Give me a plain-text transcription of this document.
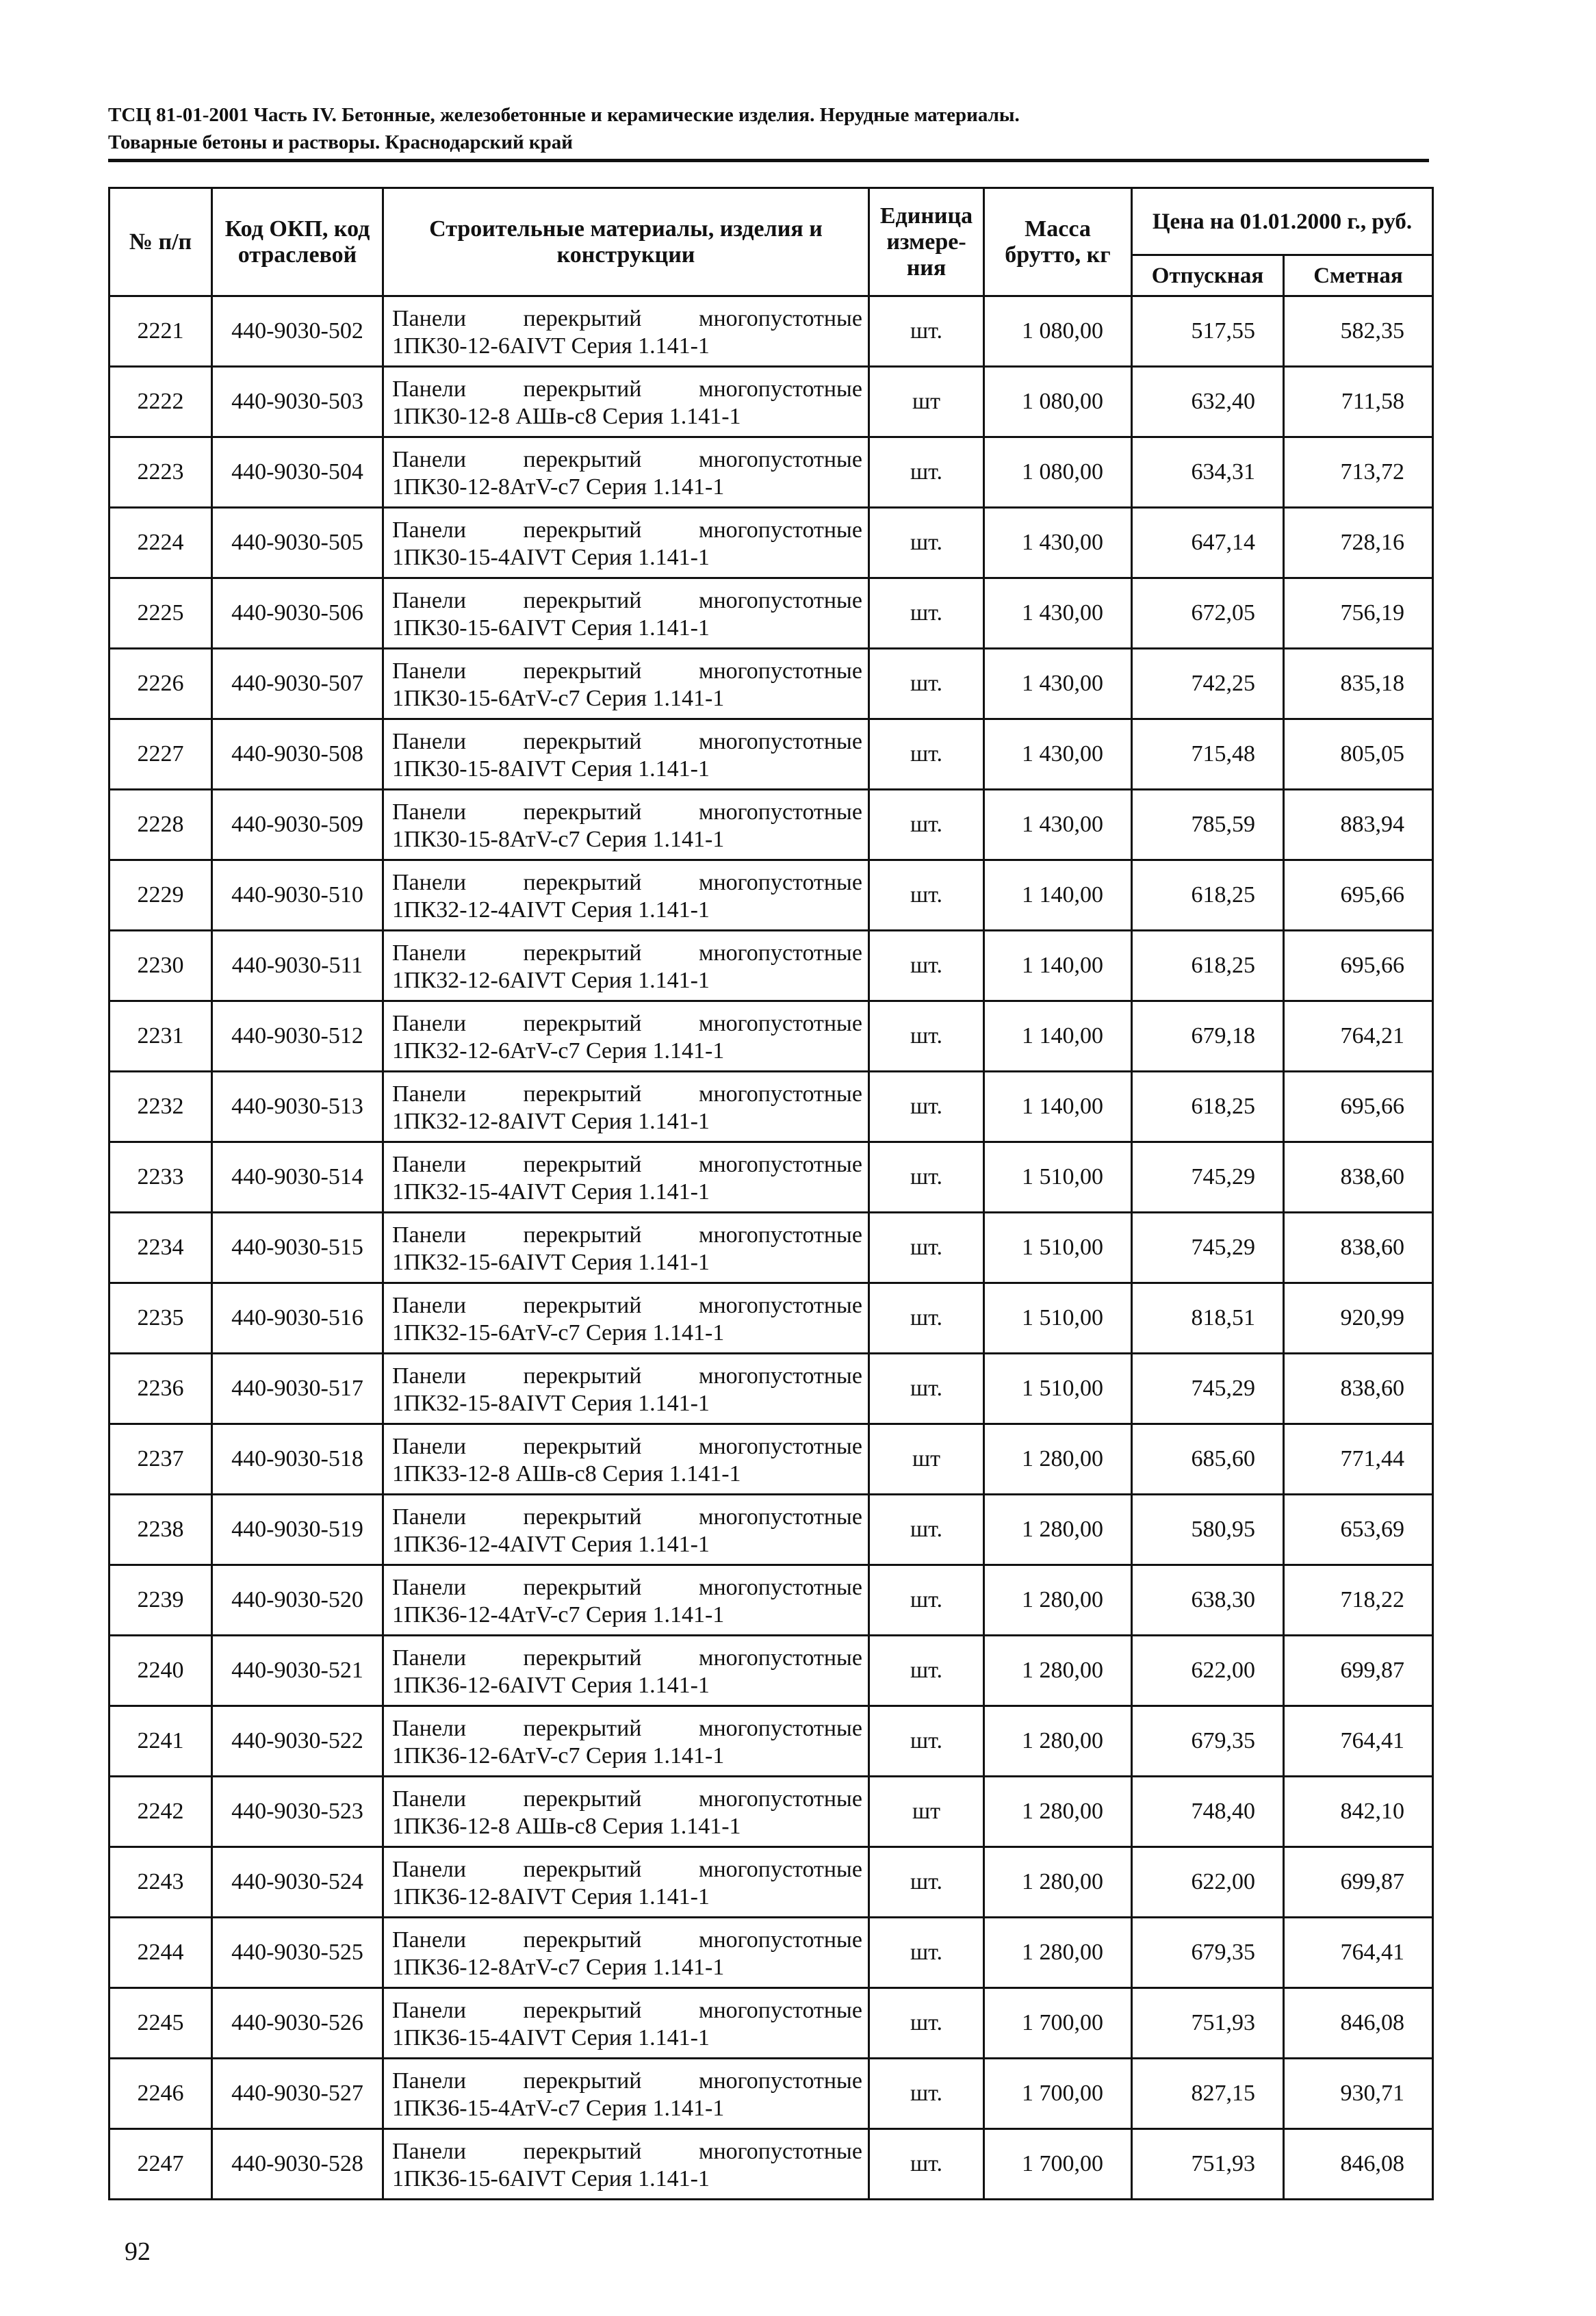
ТСЦ 81-01-2001 Часть IV. Бетонные, железобетонные и керамические изделия. Нерудные материалы.
Товарные бетоны и растворы. Краснодарский край
№ п/п	Код ОКП, код отраслевой	Строительные материалы, изделия и конструкции	Единица измере-ния	Масса брутто, кг	Цена на 01.01.2000 г., руб.	
					Отпускная	Сметная
2221	440-9030-502	Панели перекрытий многопустотные
1ПК30-12-6АIVТ Серия 1.141-1	шт.	1 080,00	517,55	582,35
2222	440-9030-503	Панели перекрытий многопустотные
1ПК30-12-8 АШв-с8 Серия 1.141-1	шт	1 080,00	632,40	711,58
2223	440-9030-504	Панели перекрытий многопустотные
1ПК30-12-8АтV-с7 Серия 1.141-1	шт.	1 080,00	634,31	713,72
2224	440-9030-505	Панели перекрытий многопустотные
1ПК30-15-4АIVТ Серия 1.141-1	шт.	1 430,00	647,14	728,16
2225	440-9030-506	Панели перекрытий многопустотные
1ПК30-15-6АIVТ Серия 1.141-1	шт.	1 430,00	672,05	756,19
2226	440-9030-507	Панели перекрытий многопустотные
1ПК30-15-6АтV-с7 Серия 1.141-1	шт.	1 430,00	742,25	835,18
2227	440-9030-508	Панели перекрытий многопустотные
1ПК30-15-8АIVТ Серия 1.141-1	шт.	1 430,00	715,48	805,05
2228	440-9030-509	Панели перекрытий многопустотные
1ПК30-15-8АтV-с7 Серия 1.141-1	шт.	1 430,00	785,59	883,94
2229	440-9030-510	Панели перекрытий многопустотные
1ПК32-12-4АIVТ Серия 1.141-1	шт.	1 140,00	618,25	695,66
2230	440-9030-511	Панели перекрытий многопустотные
1ПК32-12-6АIVТ Серия 1.141-1	шт.	1 140,00	618,25	695,66
2231	440-9030-512	Панели перекрытий многопустотные
1ПК32-12-6АтV-с7 Серия 1.141-1	шт.	1 140,00	679,18	764,21
2232	440-9030-513	Панели перекрытий многопустотные
1ПК32-12-8АIVТ Серия 1.141-1	шт.	1 140,00	618,25	695,66
2233	440-9030-514	Панели перекрытий многопустотные
1ПК32-15-4АIVТ Серия 1.141-1	шт.	1 510,00	745,29	838,60
2234	440-9030-515	Панели перекрытий многопустотные
1ПК32-15-6АIVТ Серия 1.141-1	шт.	1 510,00	745,29	838,60
2235	440-9030-516	Панели перекрытий многопустотные
1ПК32-15-6АтV-с7 Серия 1.141-1	шт.	1 510,00	818,51	920,99
2236	440-9030-517	Панели перекрытий многопустотные
1ПК32-15-8АIVТ Серия 1.141-1	шт.	1 510,00	745,29	838,60
2237	440-9030-518	Панели перекрытий многопустотные
1ПК33-12-8 АШв-с8 Серия 1.141-1	шт	1 280,00	685,60	771,44
2238	440-9030-519	Панели перекрытий многопустотные
1ПК36-12-4АIVТ Серия 1.141-1	шт.	1 280,00	580,95	653,69
2239	440-9030-520	Панели перекрытий многопустотные
1ПК36-12-4АтV-с7 Серия 1.141-1	шт.	1 280,00	638,30	718,22
2240	440-9030-521	Панели перекрытий многопустотные
1ПК36-12-6АIVТ Серия 1.141-1	шт.	1 280,00	622,00	699,87
2241	440-9030-522	Панели перекрытий многопустотные
1ПК36-12-6АтV-с7 Серия 1.141-1	шт.	1 280,00	679,35	764,41
2242	440-9030-523	Панели перекрытий многопустотные
1ПК36-12-8 АШв-с8 Серия 1.141-1	шт	1 280,00	748,40	842,10
2243	440-9030-524	Панели перекрытий многопустотные
1ПК36-12-8АIVТ Серия 1.141-1	шт.	1 280,00	622,00	699,87
2244	440-9030-525	Панели перекрытий многопустотные
1ПК36-12-8АтV-с7 Серия 1.141-1	шт.	1 280,00	679,35	764,41
2245	440-9030-526	Панели перекрытий многопустотные
1ПК36-15-4АIVТ Серия 1.141-1	шт.	1 700,00	751,93	846,08
2246	440-9030-527	Панели перекрытий многопустотные
1ПК36-15-4АтV-с7 Серия 1.141-1	шт.	1 700,00	827,15	930,71
2247	440-9030-528	Панели перекрытий многопустотные
1ПК36-15-6АIVТ Серия 1.141-1	шт.	1 700,00	751,93	846,08
92
